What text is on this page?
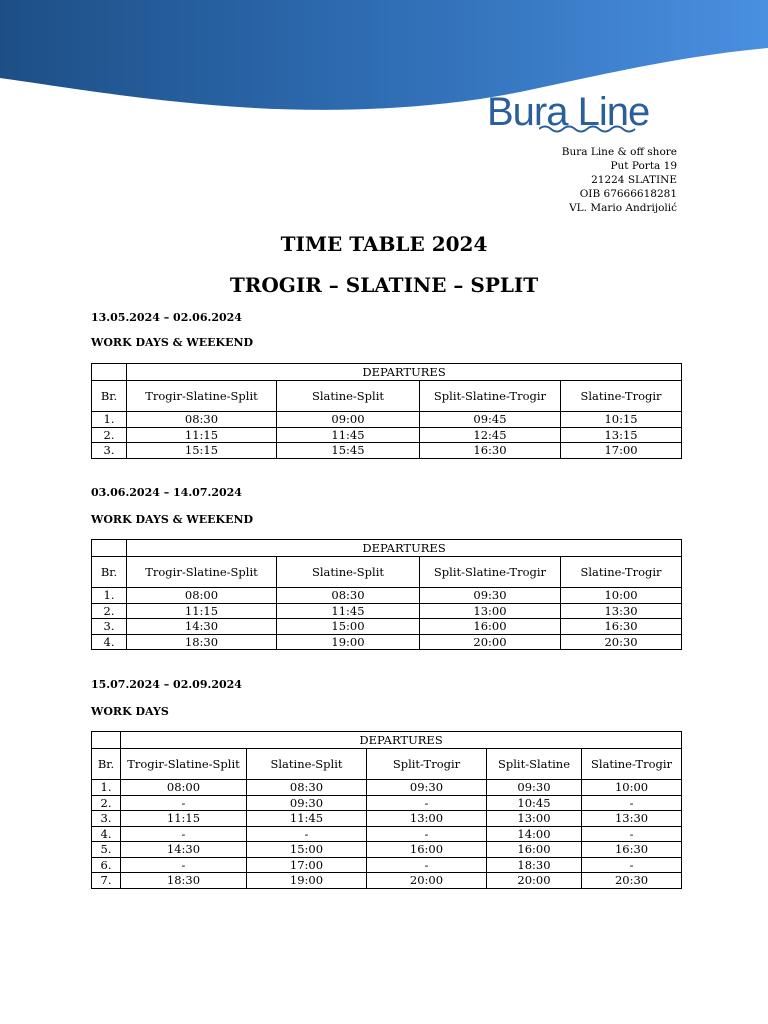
Bura Line
Bura Line & off shore
Put Porta 19
21224 SLATINE
OIB 67666618281
VL. Mario Andrijolić
TIME TABLE 2024
TROGIR – SLATINE – SPLIT
13.05.2024 – 02.06.2024
WORK DAYS & WEEKEND
	DEPARTURES			
Br.	Trogir-Slatine-Split	Slatine-Split	Split-Slatine-Trogir	Slatine-Trogir
1.	08:30	09:00	09:45	10:15
2.	11:15	11:45	12:45	13:15
3.	15:15	15:45	16:30	17:00
03.06.2024 – 14.07.2024
WORK DAYS & WEEKEND
	DEPARTURES			
Br.	Trogir-Slatine-Split	Slatine-Split	Split-Slatine-Trogir	Slatine-Trogir
1.	08:00	08:30	09:30	10:00
2.	11:15	11:45	13:00	13:30
3.	14:30	15:00	16:00	16:30
4.	18:30	19:00	20:00	20:30
15.07.2024 – 02.09.2024
WORK DAYS
	DEPARTURES				
Br.	Trogir-Slatine-Split	Slatine-Split	Split-Trogir	Split-Slatine	Slatine-Trogir
1.	08:00	08:30	09:30	09:30	10:00
2.	-	09:30	-	10:45	-
3.	11:15	11:45	13:00	13:00	13:30
4.	-	-	-	14:00	-
5.	14:30	15:00	16:00	16:00	16:30
6.	-	17:00	-	18:30	-
7.	18:30	19:00	20:00	20:00	20:30
